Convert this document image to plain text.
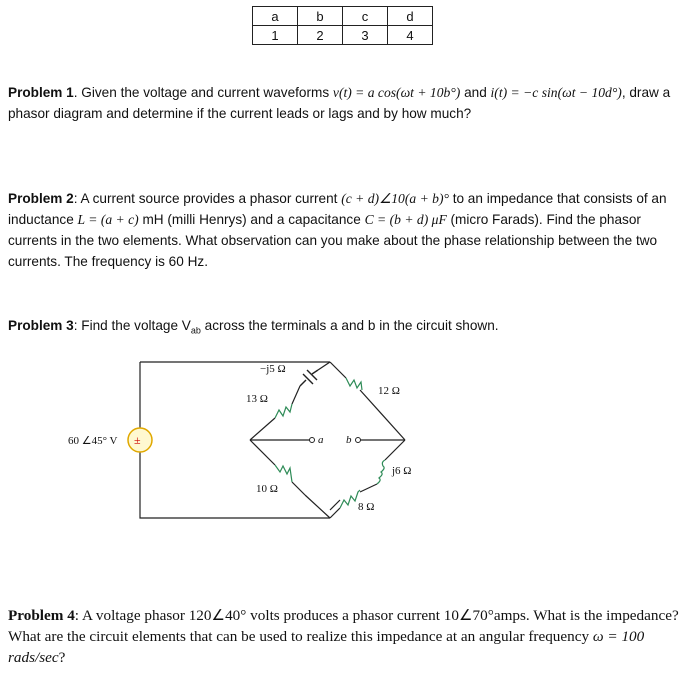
a	b	c	d
1	2	3	4
Problem 1. Given the voltage and current waveforms v(t) = a cos(ωt + 10b°) and i(t) = −c sin(ωt − 10d°), draw a phasor diagram and determine if the current leads or lags and by how much?
Problem 2: A current source provides a phasor current (c + d)∠10(a + b)° to an impedance that consists of an inductance L = (a + c) mH (milli Henrys) and a capacitance C = (b + d) μF (micro Farads). Find the phasor currents in the two elements. What observation can you make about the phase relationship between the two currents. The frequency is 60 Hz.
Problem 3: Find the voltage $V_{ab}$ across the terminals a and b in the circuit shown.
±
60 ∠45° V
−j5 Ω
13 Ω
12 Ω
10 Ω
8 Ω
j6 Ω
a b
Problem 4: A voltage phasor 120∠40° volts produces a phasor current 10∠70°amps. What is the impedance? What are the circuit elements that can be used to realize this impedance at an angular frequency ω = 100 rads/sec?
